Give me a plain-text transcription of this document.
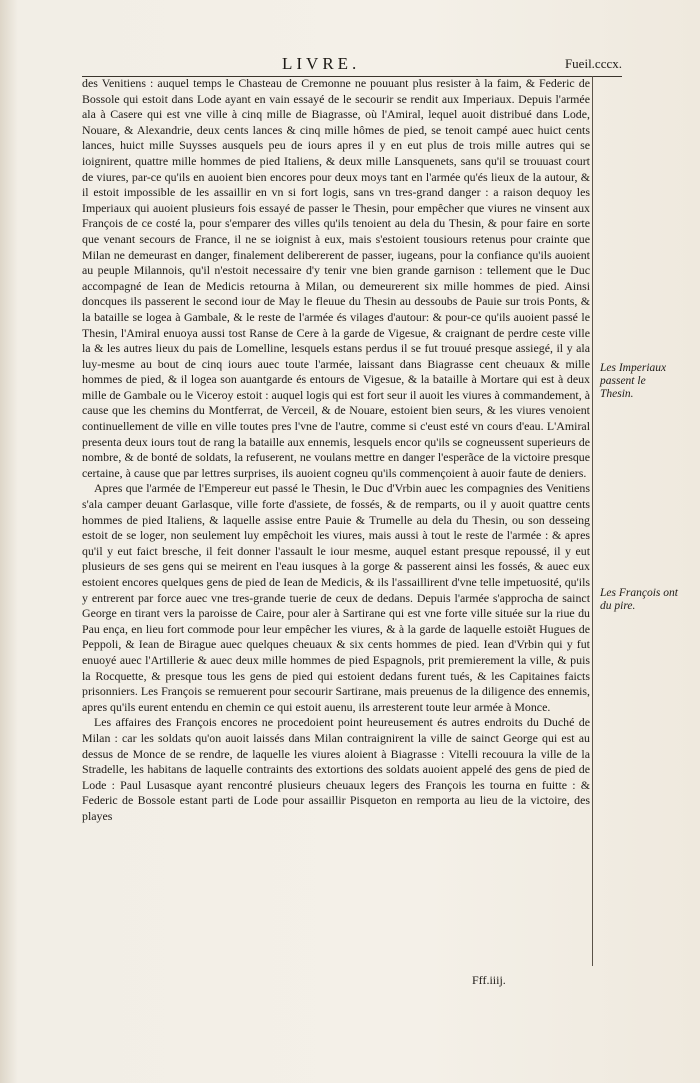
LIVRE.	Fueil.cccx.

des Venitiens : auquel temps le Chasteau de Cremonne ne pouuant plus resister à la faim, & Federic de Bossole qui estoit dans Lode ayant en vain essayé de le secourir se rendit aux Imperiaux. Depuis l'armée ala à Casere qui est vne ville à cinq mille de Biagrasse, où l'Amiral, lequel auoit distribué dans Lode, Nouare, & Alexandrie, deux cents lances & cinq mille hômes de pied, se tenoit campé auec huict cents lances, huict mille Suysses ausquels peu de iours apres il y en eut plus de trois mille autres qui se ioignirent, quattre mille hommes de pied Italiens, & deux mille Lansquenets, sans qu'il se trouuast court de viures, par-ce qu'ils en auoient bien encores pour deux moys tant en l'armée qu'és lieux de la autour, & il estoit impossible de les assaillir en vn si fort logis, sans vn tres-grand danger : a raison dequoy les Imperiaux qui auoient plusieurs fois essayé de passer le Thesin, pour empêcher que viures ne vinsent aux François de ce costé la, pour s'emparer des villes qu'ils tenoient au dela du Thesin, & pour faire en sorte que venant secours de France, il ne se ioignist à eux, mais s'estoient tousiours retenus pour crainte que Milan ne demeurast en danger, finalement delibererent de passer, iugeans, pour la confiance qu'ils auoient au peuple Milannois, qu'il n'estoit necessaire d'y tenir vne bien grande garnison : tellement que le Duc accompagné de Iean de Medicis retourna à Milan, ou demeurerent six mille hommes de pied. Ainsi doncques ils passerent le second iour de May le fleuue du Thesin au dessoubs de Pauie sur trois Ponts, & la bataille se logea à Gambale, & le reste de l'armée és vilages d'autour: & pour-ce qu'ils auoient passé le Thesin, l'Amiral enuoya aussi tost Ranse de Cere à la garde de Vigesue, & craignant de perdre ceste ville la & les autres lieux du pais de Lomelline, lesquels estans perdus il se fut trouué presque assiegé, il y ala luy-mesme au bout de cinq iours auec toute l'armée, laissant dans Biagrasse cent cheuaux & mille hommes de pied, & il logea son auantgarde és entours de Vigesue, & la bataille à Mortare qui est à deux mille de Gambale ou le Viceroy estoit : auquel logis qui est fort seur il auoit les viures à commandement, à cause que les chemins du Montferrat, de Verceil, & de Nouare, estoient bien seurs, & les viures venoient continuellement de ville en ville toutes pres l'vne de l'autre, comme si c'eust esté vn cours d'eau. L'Amiral presenta deux iours tout de rang la bataille aux ennemis, lesquels encor qu'ils se cogneussent superieurs de nombre, & de bonté de soldats, la refuserent, ne voulans mettre en danger l'esperãce de la victoire presque certaine, à cause que par lettres surprises, ils auoient cogneu qu'ils commençoient à auoir faute de deniers.

Apres que l'armée de l'Empereur eut passé le Thesin, le Duc d'Vrbin auec les compagnies des Venitiens s'ala camper deuant Garlasque, ville forte d'assiete, de fossés, & de remparts, ou il y auoit quattre cents hommes de pied Italiens, & laquelle assise entre Pauie & Trumelle au dela du Thesin, ou son desseing estoit de se loger, non seulement luy empêchoit les viures, mais aussi à tout le reste de l'armée : & apres qu'il y eut faict bresche, il feit donner l'assault le iour mesme, auquel estant presque repoussé, il y eut plusieurs de ses gens qui se meirent en l'eau iusques à la gorge & passerent ainsi les fossés, & auec eux estoient encores quelques gens de pied de Iean de Medicis, & ils l'assaillirent d'vne telle impetuosité, qu'ils y entrerent par force auec vne tres-grande tuerie de ceux de dedans. Depuis l'armée s'approcha de sainct George en tirant vers la paroisse de Caire, pour aler à Sartirane qui est vne forte ville située sur la riue du Pau ença, en lieu fort commode pour leur empêcher les viures, & à la garde de laquelle estoiẽt Hugues de Peppoli, & Iean de Birague auec quelques cheuaux & six cents hommes de pied. Iean d'Vrbin qui y fut enuoyé auec l'Artillerie & auec deux mille hommes de pied Espagnols, prit premierement la ville, & puis la Rocquette, & presque tous les gens de pied qui estoient dedans furent tués, & les Capitaines faicts prisonniers. Les François se remuerent pour secourir Sartirane, mais preuenus de la diligence des ennemis, apres qu'ils eurent entendu en chemin ce qui estoit auenu, ils arresterent toute leur armée à Monce.

Les affaires des François encores ne procedoient point heureusement és autres endroits du Duché de Milan : car les soldats qu'on auoit laissés dans Milan contraignirent la ville de sainct George qui est au dessus de Monce de se rendre, de laquelle les viures aloient à Biagrasse : Vitelli recouura la ville de la Stradelle, les habitans de laquelle contraints des extortions des soldats auoient appelé des gens de pied de Lode : Paul Lusasque ayant rencontré plusieurs cheuaux legers des François les tourna en fuitte : & Federic de Bossole estant parti de Lode pour assaillir Pisqueton en remporta au lieu de la victoire, des playes

Les Imperiaux passent le Thesin.
Les François ont du pire.
Fff.iiij.
